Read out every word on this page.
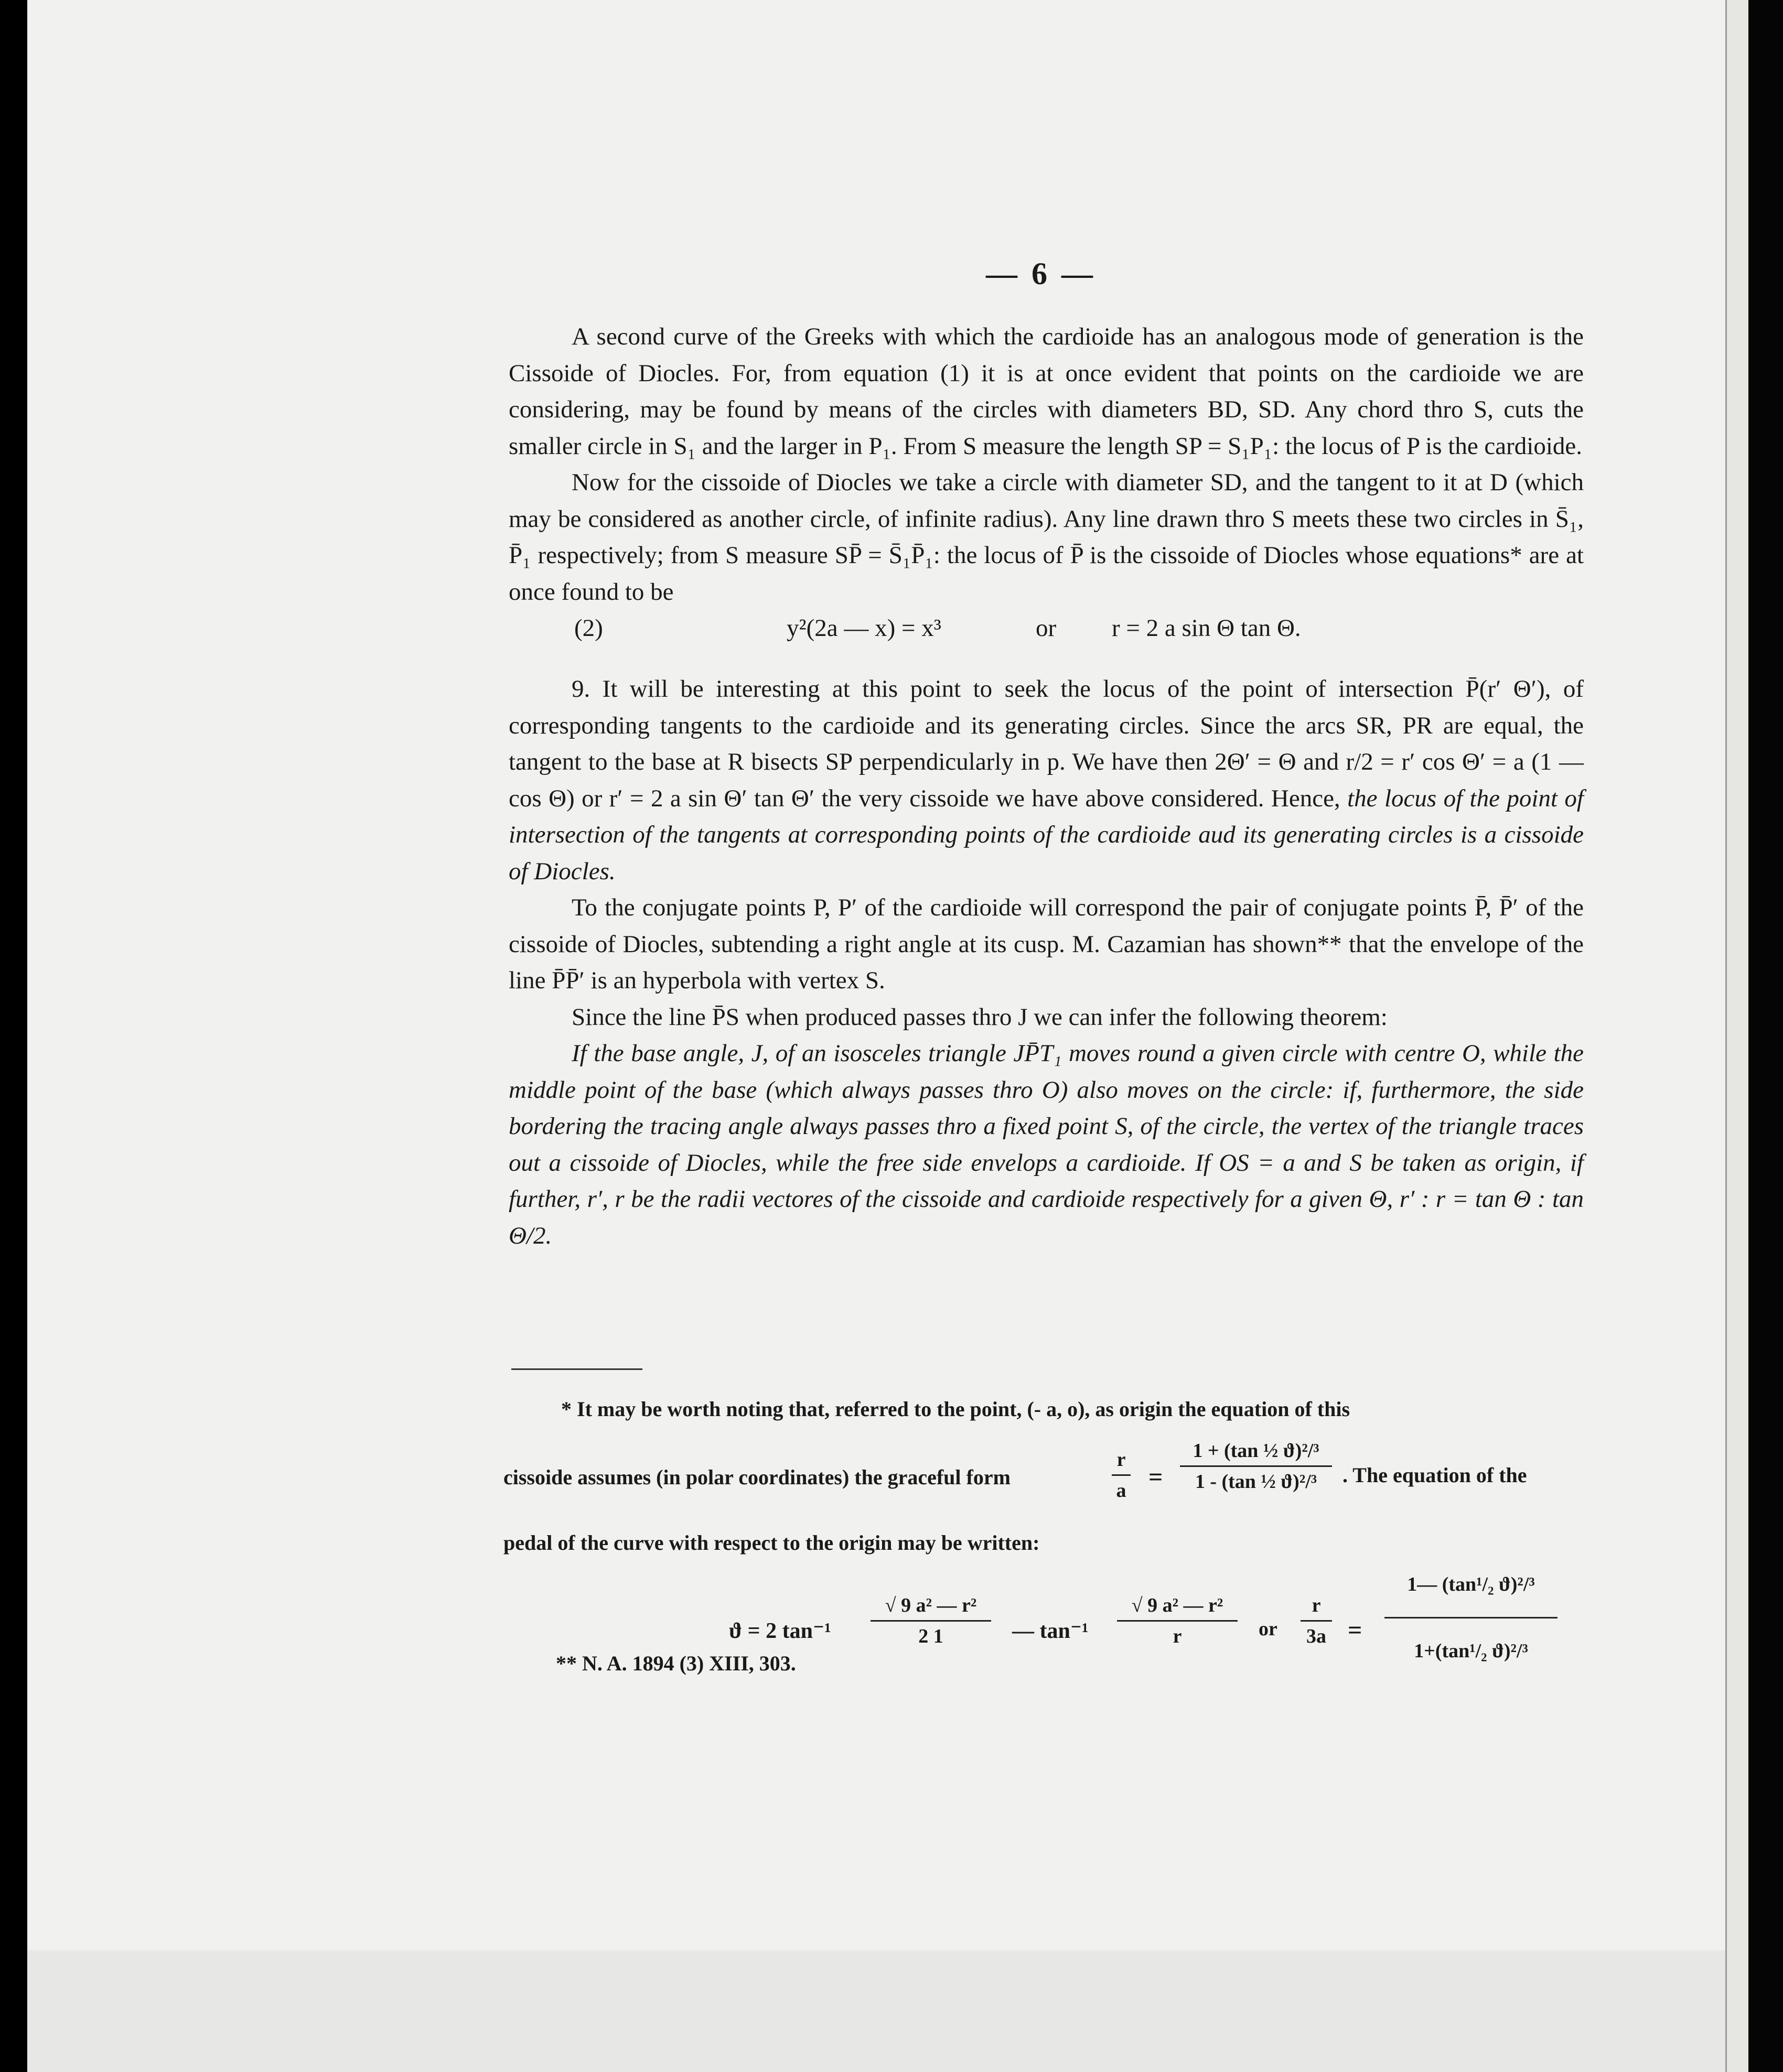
— 6 —

A second curve of the Greeks with which the cardioide has an analogous mode of generation is the Cissoide of Diocles. For, from equation (1) it is at once evident that points on the cardioide we are considering, may be found by means of the circles with diameters BD, SD. Any chord thro S, cuts the smaller circle in S₁ and the larger in P₁. From S measure the length SP = S₁P₁: the locus of P is the cardioide.

Now for the cissoide of Diocles we take a circle with diameter SD, and the tangent to it at D (which may be considered as another circle, of infinite radius). Any line drawn thro S meets these two circles in S̄₁, P̄₁ respectively; from S measure SP̄ = S̄₁P̄₁: the locus of P̄ is the cissoide of Diocles whose equations* are at once found to be

(2)	y²(2a — x) = x³	or r = 2 a sin Θ tan Θ.

9. It will be interesting at this point to seek the locus of the point of intersection P̄(r′ Θ′), of corresponding tangents to the cardioide and its generating circles. Since the arcs SR, PR are equal, the tangent to the base at R bisects SP perpendicularly in p. We have then 2Θ′ = Θ and r/2 = r′ cos Θ′ = a (1 — cos Θ) or r′ = 2 a sin Θ′ tan Θ′ the very cissoide we have above considered. Hence, the locus of the point of intersection of the tangents at corresponding points of the cardioide aud its generating circles is a cissoide of Diocles.

To the conjugate points P, P′ of the cardioide will correspond the pair of conjugate points P̄, P̄′ of the cissoide of Diocles, subtending a right angle at its cusp. M. Cazamian has shown** that the envelope of the line P̄P̄′ is an hyperbola with vertex S.

Since the line P̄S when produced passes thro J we can infer the following theorem:

If the base angle, J, of an isosceles triangle JP̄T₁ moves round a given circle with centre O, while the middle point of the base (which always passes thro O) also moves on the circle: if, furthermore, the side bordering the tracing angle always passes thro a fixed point S, of the circle, the vertex of the triangle traces out a cissoide of Diocles, while the free side envelops a cardioide. If OS = a and S be taken as origin, if further, r′, r be the radii vectores of the cissoide and cardioide respectively for a given Θ, r′ : r = tan Θ : tan Θ/2.

* It may be worth noting that, referred to the point, (- a, o), as origin the equation of this
cissoide assumes (in polar coordinates) the graceful form
r
a =
1 + (tan ½ ϑ)²/³
1 - (tan ½ ϑ)²/³	. The equation of the
pedal of the curve with respect to the origin may be written:
ϑ = 2 tan⁻¹
√ 9 a² — r²
2 1	— tan⁻¹
√ 9 a² — r²
r	or
r
3a =
1— (tan¹/₂ ϑ)²/³
1+(tan¹/₂ ϑ)²/³
** N. A. 1894 (3) XIII, 303.
